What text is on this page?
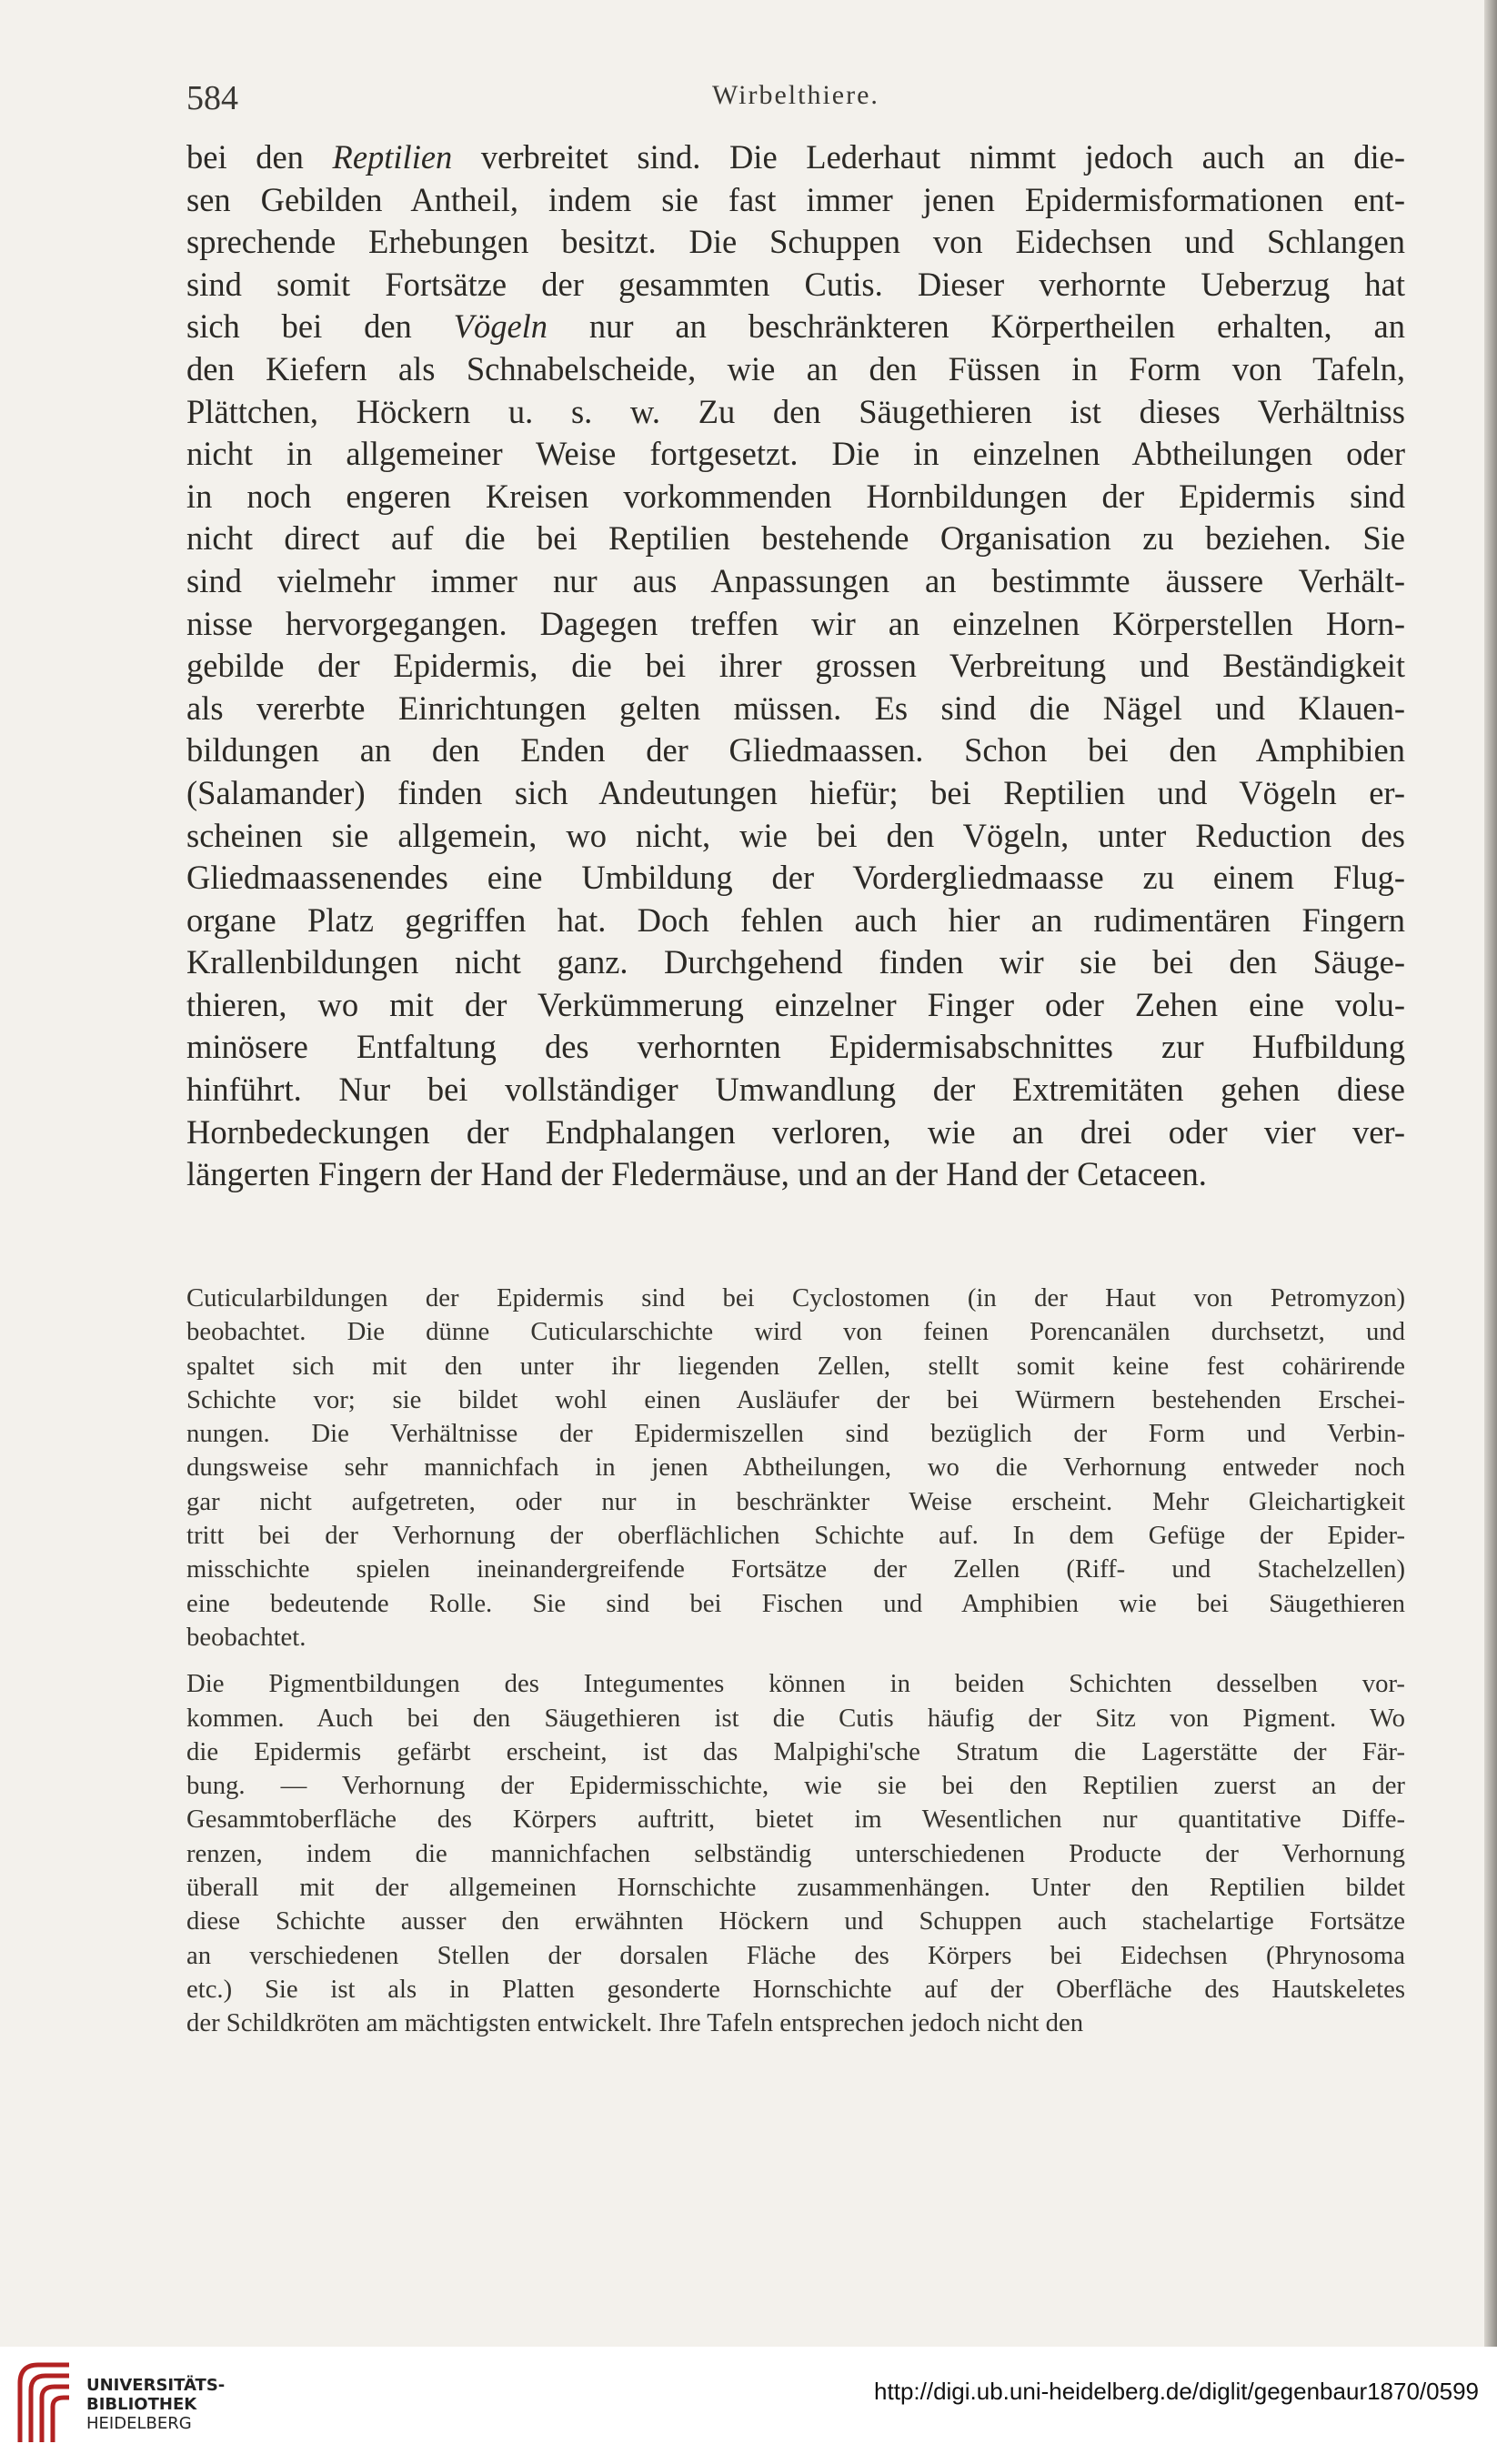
584	Wirbelthiere.
bei den Reptilien verbreitet sind. Die Lederhaut nimmt jedoch auch an die-
sen Gebilden Antheil, indem sie fast immer jenen Epidermisformationen ent-
sprechende Erhebungen besitzt. Die Schuppen von Eidechsen und Schlangen
sind somit Fortsätze der gesammten Cutis. Dieser verhornte Ueberzug hat
sich bei den Vögeln nur an beschränkteren Körpertheilen erhalten, an
den Kiefern als Schnabelscheide, wie an den Füssen in Form von Tafeln,
Plättchen, Höckern u. s. w. Zu den Säugethieren ist dieses Verhältniss
nicht in allgemeiner Weise fortgesetzt. Die in einzelnen Abtheilungen oder
in noch engeren Kreisen vorkommenden Hornbildungen der Epidermis sind
nicht direct auf die bei Reptilien bestehende Organisation zu beziehen. Sie
sind vielmehr immer nur aus Anpassungen an bestimmte äussere Verhält-
nisse hervorgegangen. Dagegen treffen wir an einzelnen Körperstellen Horn-
gebilde der Epidermis, die bei ihrer grossen Verbreitung und Beständigkeit
als vererbte Einrichtungen gelten müssen. Es sind die Nägel und Klauen-
bildungen an den Enden der Gliedmaassen. Schon bei den Amphibien
(Salamander) finden sich Andeutungen hiefür; bei Reptilien und Vögeln er-
scheinen sie allgemein, wo nicht, wie bei den Vögeln, unter Reduction des
Gliedmaassenendes eine Umbildung der Vordergliedmaasse zu einem Flug-
organe Platz gegriffen hat. Doch fehlen auch hier an rudimentären Fingern
Krallenbildungen nicht ganz. Durchgehend finden wir sie bei den Säuge-
thieren, wo mit der Verkümmerung einzelner Finger oder Zehen eine volu-
minösere Entfaltung des verhornten Epidermisabschnittes zur Hufbildung
hinführt. Nur bei vollständiger Umwandlung der Extremitäten gehen diese
Hornbedeckungen der Endphalangen verloren, wie an drei oder vier ver-
längerten Fingern der Hand der Fledermäuse, und an der Hand der Cetaceen.
Cuticularbildungen der Epidermis sind bei Cyclostomen (in der Haut von Petromyzon)
beobachtet. Die dünne Cuticularschichte wird von feinen Porencanälen durchsetzt, und
spaltet sich mit den unter ihr liegenden Zellen, stellt somit keine fest cohärirende
Schichte vor; sie bildet wohl einen Ausläufer der bei Würmern bestehenden Erschei-
nungen. Die Verhältnisse der Epidermiszellen sind bezüglich der Form und Verbin-
dungsweise sehr mannichfach in jenen Abtheilungen, wo die Verhornung entweder noch
gar nicht aufgetreten, oder nur in beschränkter Weise erscheint. Mehr Gleichartigkeit
tritt bei der Verhornung der oberflächlichen Schichte auf. In dem Gefüge der Epider-
misschichte spielen ineinandergreifende Fortsätze der Zellen (Riff- und Stachelzellen)
eine bedeutende Rolle. Sie sind bei Fischen und Amphibien wie bei Säugethieren
beobachtet.
Die Pigmentbildungen des Integumentes können in beiden Schichten desselben vor-
kommen. Auch bei den Säugethieren ist die Cutis häufig der Sitz von Pigment. Wo
die Epidermis gefärbt erscheint, ist das Malpighi'sche Stratum die Lagerstätte der Fär-
bung. — Verhornung der Epidermisschichte, wie sie bei den Reptilien zuerst an der
Gesammtoberfläche des Körpers auftritt, bietet im Wesentlichen nur quantitative Diffe-
renzen, indem die mannichfachen selbständig unterschiedenen Producte der Verhornung
überall mit der allgemeinen Hornschichte zusammenhängen. Unter den Reptilien bildet
diese Schichte ausser den erwähnten Höckern und Schuppen auch stachelartige Fortsätze
an verschiedenen Stellen der dorsalen Fläche des Körpers bei Eidechsen (Phrynosoma
etc.) Sie ist als in Platten gesonderte Hornschichte auf der Oberfläche des Hautskeletes
der Schildkröten am mächtigsten entwickelt. Ihre Tafeln entsprechen jedoch nicht den
UNIVERSITÄTS-
BIBLIOTHEK
HEIDELBERG
http://digi.ub.uni-heidelberg.de/diglit/gegenbaur1870/0599
